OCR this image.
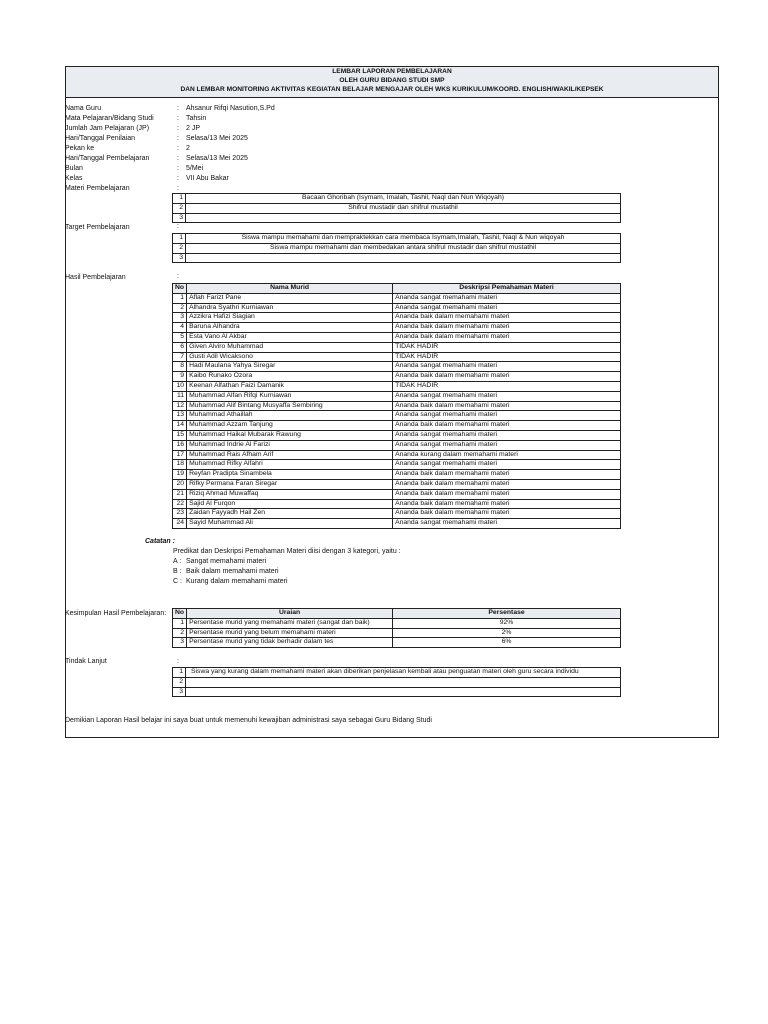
LEMBAR LAPORAN PEMBELAJARAN
OLEH GURU BIDANG STUDI SMP
DAN LEMBAR MONITORING AKTIVITAS KEGIATAN BELAJAR MENGAJAR OLEH WKS KURIKULUM/KOORD. ENGLISH/WAKIL/KEPSEK
Nama Guru	: Ahsanur Rifqi Nasution,S.Pd
Mata Pelajaran/Bidang Studi	: Tahsin
Jumlah Jam Pelajaran (JP)	: 2 JP
Hari/Tanggal Penilaian	: Selasa/13 Mei 2025
Pekan ke	: 2
Hari/Tanggal Pembelajaran	: Selasa/13 Mei 2025
Bulan	: 5/Mei
Kelas	: VII Abu Bakar
Materi Pembelajaran	:
1	Bacaan Ghoribah (Isymam, Imalah, Tashil, Naql dan Nun Wiqoyah)
2	Shifrul mustadir dan shifrul mustathil
3	
Target Pembelajaran	:
1	Siswa mampu memahami dan mempraktekkan cara membaca Isymam,Imalah, Tashil, Naql & Nun wiqoyah
2	Siswa mampu memahami dan membedakan antara shifrul mustadir dan shifrul mustathil
3	
Hasil Pembelajaran	:
No	Nama Murid	Deskripsi Pemahaman Materi
1	Aflah Farizt Pane	Ananda sangat memahami materi
2	Alhandra Syathri Kurniawan	Ananda sangat memahami materi
3	Azzikra Hafizi Siagian	Ananda baik dalam memahami materi
4	Baruna Alhandra	Ananda baik dalam memahami materi
5	Esta Vano Al Akbar	Ananda baik dalam memahami materi
6	Given Alviro Muhammad	TIDAK HADIR
7	Gusti Adil Wicaksono	TIDAK HADIR
8	Hadi Maulana Yahya Siregar	Ananda sangat memahami materi
9	Kaibo Runako Ozora	Ananda baik dalam memahami materi
10	Keenan Alfathan Faizi Damanik	TIDAK HADIR
11	Muhammad Alfan Rifqi Kurniawan	Ananda sangat memahami materi
12	Muhammad Alif Bintang Musyaffa Sembiring	Ananda baik dalam memahami materi
13	Muhammad Athaillah	Ananda sangat memahami materi
14	Muhammad Azzam Tanjung	Ananda baik dalam memahami materi
15	Muhammad Haikal Mubarak Rawung	Ananda sangat memahami materi
16	Muhammad Indrie Al Farizi	Ananda sangat memahami materi
17	Muhammad Rais Afham Arif	Ananda kurang dalam memahami materi
18	Muhammad Rifky Alfahri	Ananda sangat memahami materi
19	Reyfan Pradipta Sinambela	Ananda baik dalam memahami materi
20	Rifky Permana Faran Siregar	Ananda baik dalam memahami materi
21	Riziq Ahmad Muwaffaq	Ananda baik dalam memahami materi
22	Sajid Al Furqon	Ananda baik dalam memahami materi
23	Zaidan Fayyadh Hail Zen	Ananda baik dalam memahami materi
24	Sayid Muhammad Ali	Ananda sangat memahami materi
Catatan :
Predikat dan Deskripsi Pemahaman Materi diisi dengan 3 kategori, yaitu :
A : Sangat memahami materi
B : Baik dalam memahami materi
C : Kurang dalam memahami materi
Kesimpulan Hasil Pembelajaran: No	Uraian	Persentase
1	Persentase murid yang memahami materi (sangat dan baik)	92%
2	Persentase murid yang belum memahami materi	2%
3	Persentase murid yang tidak berhadir dalam tes	6%
Tindak Lanjut	:
1	Siswa yang kurang dalam memahami materi akan diberikan penjelasan kembali atau penguatan materi oleh guru secara individu
2	
3	
Demikian Laporan Hasil belajar ini saya buat untuk memenuhi kewajiban administrasi saya sebagai Guru Bidang Studi
